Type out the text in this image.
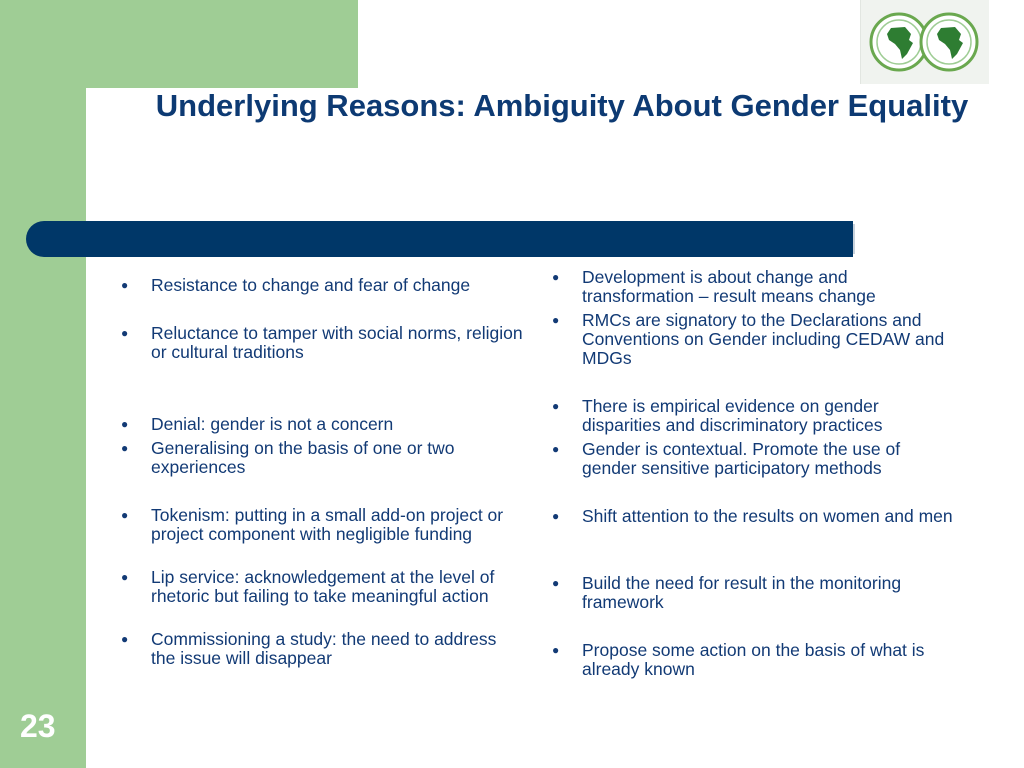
Underlying Reasons: Ambiguity About Gender Equality
● Resistance to change and fear of change
● Reluctance to tamper with social norms, religion or cultural traditions
● Denial: gender is not a concern
● Generalising on the basis of one or two experiences
● Tokenism: putting in a small add-on project or project component with negligible funding
● Lip service: acknowledgement at the level of rhetoric but failing to take meaningful action
● Commissioning a study: the need to address the issue will disappear
● Development is about change and transformation – result means change
● RMCs are signatory to the Declarations and Conventions on Gender including CEDAW and MDGs
● There is empirical evidence on gender disparities and discriminatory practices
● Gender is contextual. Promote the use of gender sensitive participatory methods
● Shift attention to the results on women and men
● Build the need for result in the monitoring framework
● Propose some action on the basis of what is already known
23
